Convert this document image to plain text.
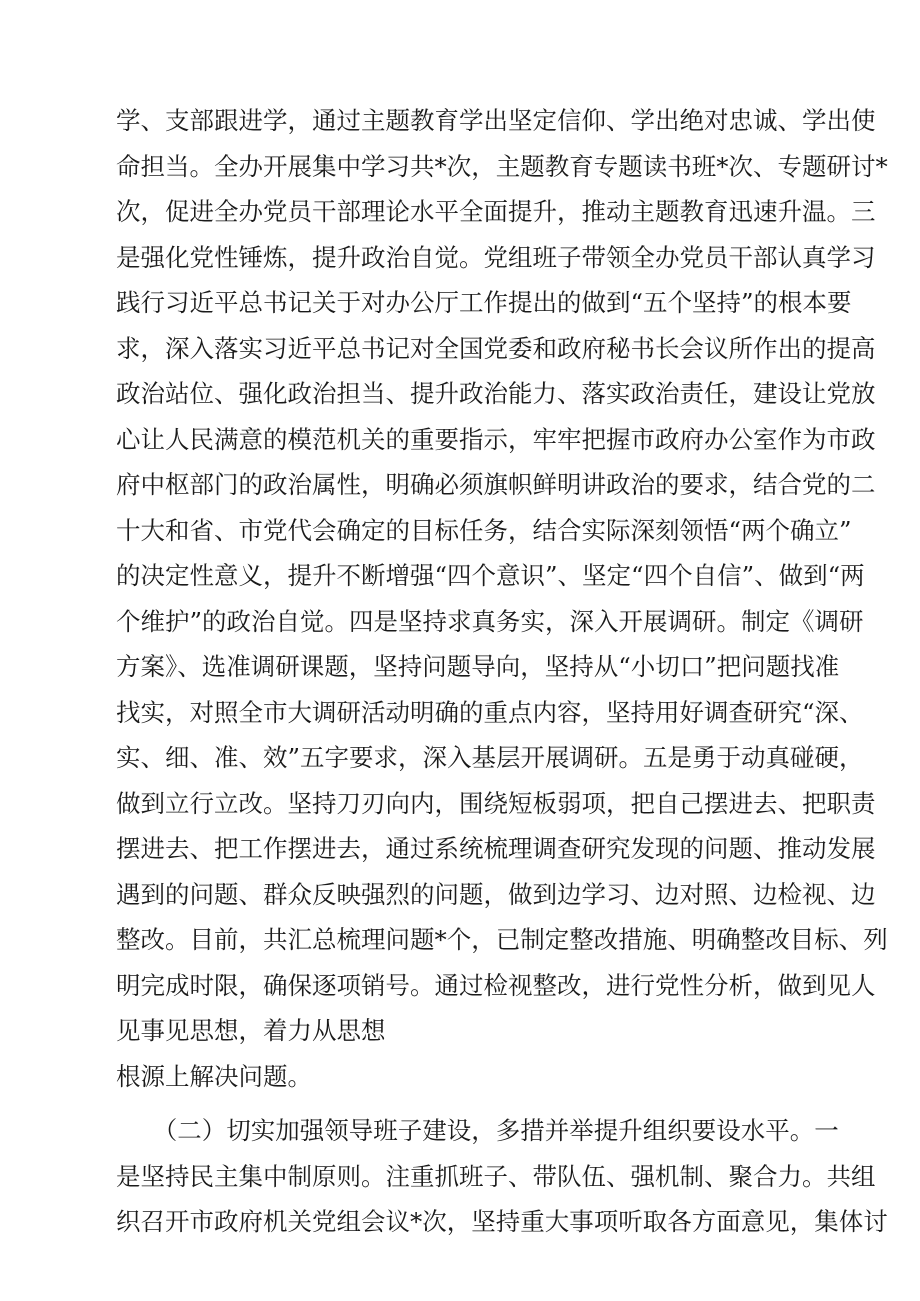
学、支部跟进学，通过主题教育学出坚定信仰、学出绝对忠诚、学出使
命担当。全办开展集中学习共*次，主题教育专题读书班*次、专题研讨*
次，促进全办党员干部理论水平全面提升，推动主题教育迅速升温。三
是强化党性锤炼，提升政治自觉。党组班子带领全办党员干部认真学习
践行习近平总书记关于对办公厅工作提出的做到“五个坚持”的根本要
求，深入落实习近平总书记对全国党委和政府秘书长会议所作出的提高
政治站位、强化政治担当、提升政治能力、落实政治责任，建设让党放
心让人民满意的模范机关的重要指示，牢牢把握市政府办公室作为市政
府中枢部门的政治属性，明确必须旗帜鲜明讲政治的要求，结合党的二
十大和省、市党代会确定的目标任务，结合实际深刻领悟“两个确立”
的决定性意义，提升不断增强“四个意识”、坚定“四个自信”、做到“两
个维护”的政治自觉。四是坚持求真务实，深入开展调研。制定《调研
方案》、选准调研课题，坚持问题导向，坚持从“小切口”把问题找准
找实，对照全市大调研活动明确的重点内容，坚持用好调查研究“深、
实、细、准、效”五字要求，深入基层开展调研。五是勇于动真碰硬，
做到立行立改。坚持刀刃向内，围绕短板弱项，把自己摆进去、把职责
摆进去、把工作摆进去，通过系统梳理调查研究发现的问题、推动发展
遇到的问题、群众反映强烈的问题，做到边学习、边对照、边检视、边
整改。目前，共汇总梳理问题*个，已制定整改措施、明确整改目标、列
明完成时限，确保逐项销号。通过检视整改，进行党性分析，做到见人
见事见思想，着力从思想
根源上解决问题。
　　（二）切实加强领导班子建设，多措并举提升组织要设水平。一
是坚持民主集中制原则。注重抓班子、带队伍、强机制、聚合力。共组
织召开市政府机关党组会议*次，坚持重大事项听取各方面意见，集体讨
